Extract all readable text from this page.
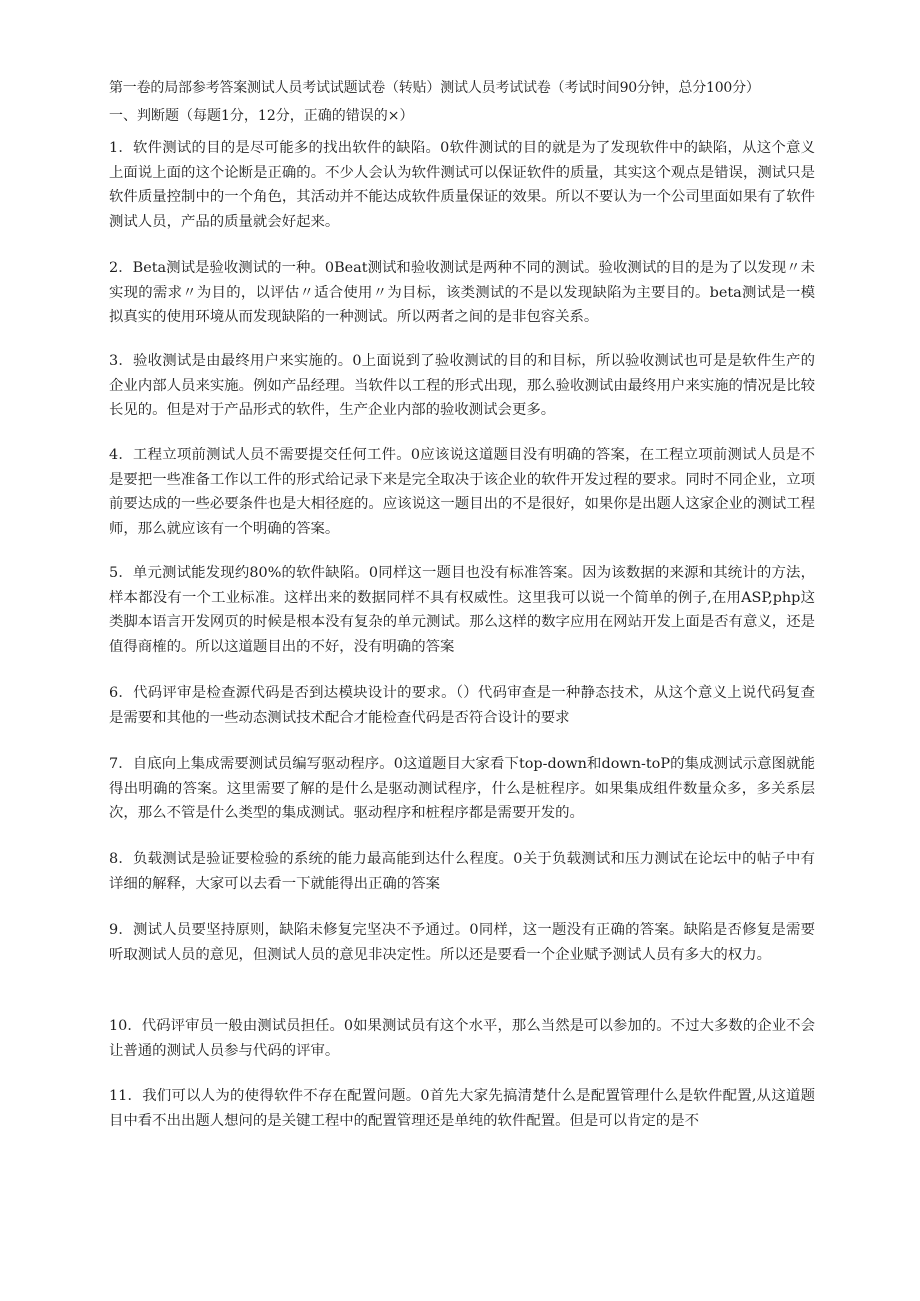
第一卷的局部参考答案测试人员考试试题试卷（转贴）测试人员考试试卷（考试时间90分钟，总分100分）
一、判断题（每题1分，12分，正确的错误的×）
1．软件测试的目的是尽可能多的找出软件的缺陷。0软件测试的目的就是为了发现软件中的缺陷，从这个意义上面说上面的这个论断是正确的。不少人会认为软件测试可以保证软件的质量，其实这个观点是错误，测试只是软件质量控制中的一个角色，其活动并不能达成软件质量保证的效果。所以不要认为一个公司里面如果有了软件测试人员，产品的质量就会好起来。
2．Beta测试是验收测试的一种。0Beat测试和验收测试是两种不同的测试。验收测试的目的是为了以发现〃未实现的需求〃为目的，以评估〃适合使用〃为目标，该类测试的不是以发现缺陷为主要目的。beta测试是一模拟真实的使用环境从而发现缺陷的一种测试。所以两者之间的是非包容关系。
3．验收测试是由最终用户来实施的。0上面说到了验收测试的目的和目标，所以验收测试也可是是软件生产的企业内部人员来实施。例如产品经理。当软件以工程的形式出现，那么验收测试由最终用户来实施的情况是比较长见的。但是对于产品形式的软件，生产企业内部的验收测试会更多。
4．工程立项前测试人员不需要提交任何工件。0应该说这道题目没有明确的答案，在工程立项前测试人员是不是要把一些准备工作以工件的形式给记录下来是完全取决于该企业的软件开发过程的要求。同时不同企业，立项前要达成的一些必要条件也是大相径庭的。应该说这一题目出的不是很好，如果你是出题人这家企业的测试工程师，那么就应该有一个明确的答案。
5．单元测试能发现约80%的软件缺陷。0同样这一题目也没有标准答案。因为该数据的来源和其统计的方法，样本都没有一个工业标准。这样出来的数据同样不具有权威性。这里我可以说一个简单的例子,在用ASP,php这类脚本语言开发网页的时候是根本没有复杂的单元测试。那么这样的数字应用在网站开发上面是否有意义，还是值得商榷的。所以这道题目出的不好，没有明确的答案
6．代码评审是检查源代码是否到达模块设计的要求。（）代码审查是一种静态技术，从这个意义上说代码复查是需要和其他的一些动态测试技术配合才能检查代码是否符合设计的要求
7．自底向上集成需要测试员编写驱动程序。0这道题目大家看下top-down和down-toP的集成测试示意图就能得出明确的答案。这里需要了解的是什么是驱动测试程序，什么是桩程序。如果集成组件数量众多，多关系层次，那么不管是什么类型的集成测试。驱动程序和桩程序都是需要开发的。
8．负载测试是验证要检验的系统的能力最高能到达什么程度。0关于负载测试和压力测试在论坛中的帖子中有详细的解释，大家可以去看一下就能得出正确的答案
9．测试人员要坚持原则，缺陷未修复完坚决不予通过。0同样，这一题没有正确的答案。缺陷是否修复是需要听取测试人员的意见，但测试人员的意见非决定性。所以还是要看一个企业赋予测试人员有多大的权力。
10．代码评审员一般由测试员担任。0如果测试员有这个水平，那么当然是可以参加的。不过大多数的企业不会让普通的测试人员参与代码的评审。
11．我们可以人为的使得软件不存在配置问题。0首先大家先搞清楚什么是配置管理什么是软件配置,从这道题目中看不出出题人想问的是关键工程中的配置管理还是单纯的软件配置。但是可以肯定的是不
